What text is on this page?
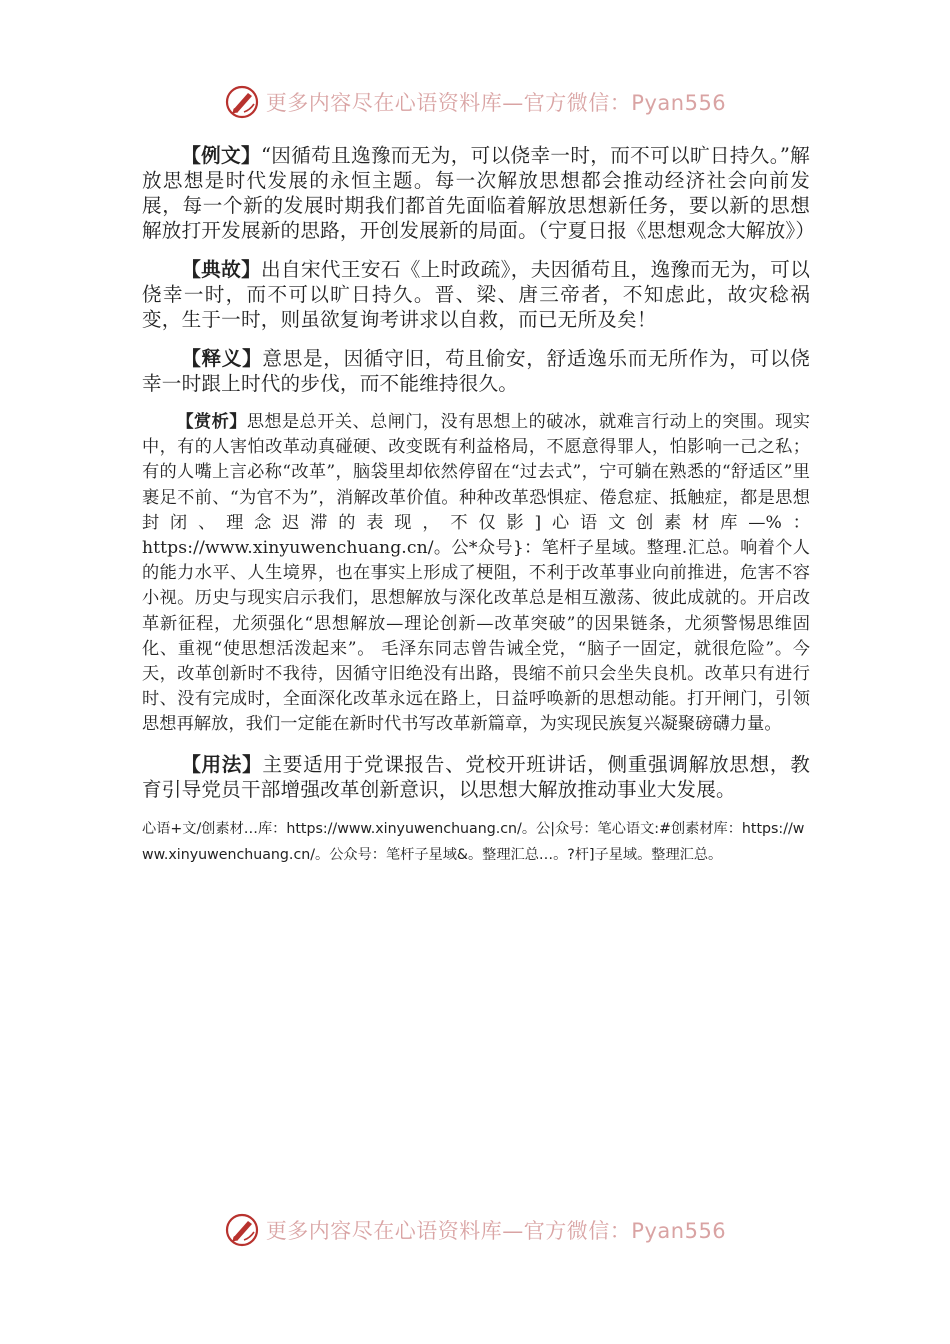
更多内容尽在心语资料库—官方微信：Pyan556

【例文】“因循苟且逸豫而无为，可以侥幸一时，而不可以旷日持久。”解放思想是时代发展的永恒主题。每一次解放思想都会推动经济社会向前发展，每一个新的发展时期我们都首先面临着解放思想新任务，要以新的思想解放打开发展新的思路，开创发展新的局面。（宁夏日报《思想观念大解放》）

【典故】出自宋代王安石《上时政疏》，夫因循苟且，逸豫而无为，可以侥幸一时，而不可以旷日持久。晋、梁、唐三帝者，不知虑此，故灾稔祸变，生于一时，则虽欲复询考讲求以自救，而已无所及矣！

【释义】意思是，因循守旧，苟且偷安，舒适逸乐而无所作为，可以侥幸一时跟上时代的步伐，而不能维持很久。

【赏析】思想是总开关、总闸门，没有思想上的破冰，就难言行动上的突围。现实中，有的人害怕改革动真碰硬、改变既有利益格局，不愿意得罪人，怕影响一己之私；有的人嘴上言必称“改革”，脑袋里却依然停留在“过去式”，宁可躺在熟悉的“舒适区”里裹足不前、“为官不为”，消解改革价值。种种改革恐惧症、倦怠症、抵触症，都是思想封闭、理念迟滞的表现，不仅影]心语文创素材库—%：https://www.xinyuwenchuang.cn/。公*众号}：笔杆子星域。整理.汇总。响着个人的能力水平、人生境界，也在事实上形成了梗阻，不利于改革事业向前推进，危害不容小视。历史与现实启示我们，思想解放与深化改革总是相互激荡、彼此成就的。开启改革新征程，尤须强化“思想解放—理论创新—改革突破”的因果链条，尤须警惕思维固化、重视“使思想活泼起来”。 毛泽东同志曾告诫全党，“脑子一固定，就很危险”。今天，改革创新时不我待，因循守旧绝没有出路，畏缩不前只会坐失良机。改革只有进行时、没有完成时，全面深化改革永远在路上，日益呼唤新的思想动能。打开闸门，引领思想再解放，我们一定能在新时代书写改革新篇章，为实现民族复兴凝聚磅礴力量。

【用法】主要适用于党课报告、党校开班讲话，侧重强调解放思想，教育引导党员干部增强改革创新意识，以思想大解放推动事业大发展。

心语+文/创素材…库：https://www.xinyuwenchuang.cn/。公|众号：笔心语文:#创素材库：https://www.xinyuwenchuang.cn/。公众号：笔杆子星域&。整理汇总…。?杆]子星域。整理汇总。

更多内容尽在心语资料库—官方微信：Pyan556
